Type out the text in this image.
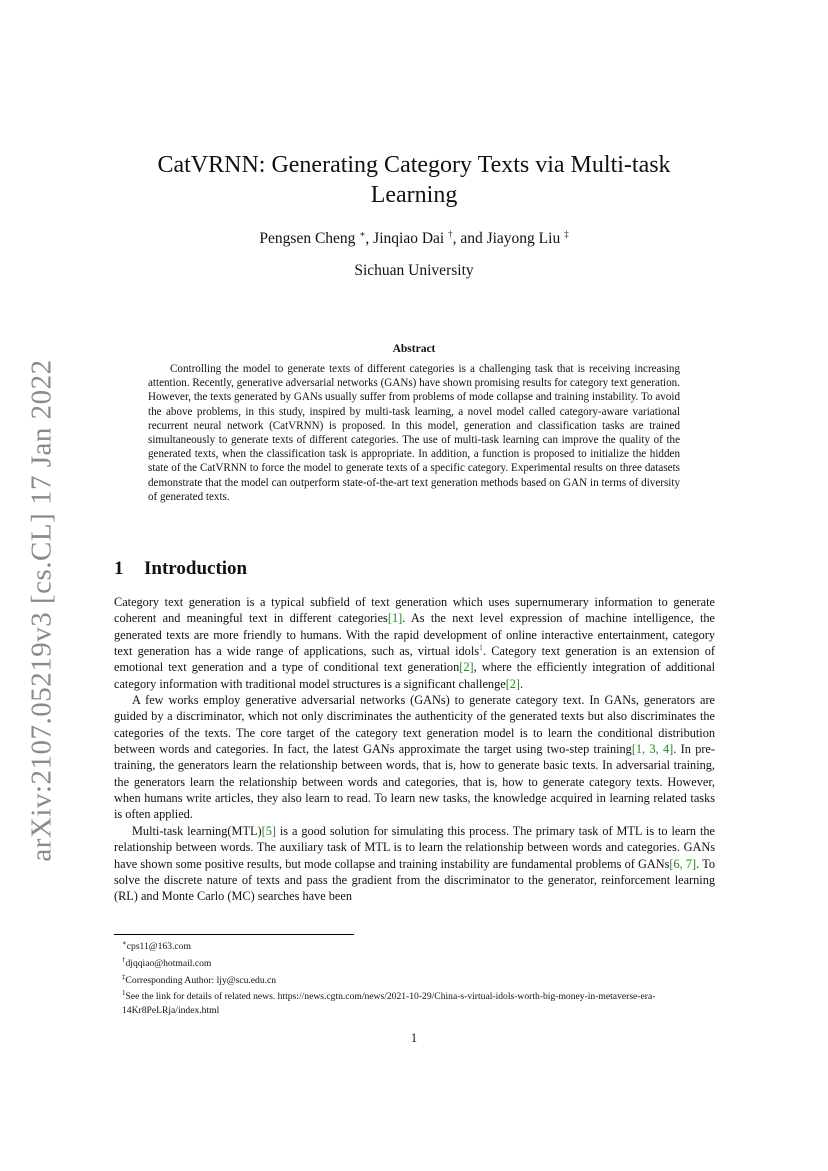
arXiv:2107.05219v3 [cs.CL] 17 Jan 2022
CatVRNN: Generating Category Texts via Multi-task Learning
Pengsen Cheng ∗, Jinqiao Dai †, and Jiayong Liu ‡
Sichuan University
Abstract

Controlling the model to generate texts of different categories is a challenging task that is receiving increasing attention. Recently, generative adversarial networks (GANs) have shown promising results for category text generation. However, the texts generated by GANs usually suffer from problems of mode collapse and training instability. To avoid the above problems, in this study, inspired by multi-task learning, a novel model called category-aware variational recurrent neural network (CatVRNN) is proposed. In this model, generation and classification tasks are trained simultaneously to generate texts of different categories. The use of multi-task learning can improve the quality of the generated texts, when the classification task is appropriate. In addition, a function is proposed to initialize the hidden state of the CatVRNN to force the model to generate texts of a specific category. Experimental results on three datasets demonstrate that the model can outperform state-of-the-art text generation methods based on GAN in terms of diversity of generated texts.

1 Introduction

Category text generation is a typical subfield of text generation which uses supernumerary information to generate coherent and meaningful text in different categories[1]. As the next level expression of machine intelligence, the generated texts are more friendly to humans. With the rapid development of online interactive entertainment, category text generation has a wide range of applications, such as, virtual idols$^1$. Category text generation is an extension of emotional text generation and a type of conditional text generation[2], where the efficiently integration of additional category information with traditional model structures is a significant challenge[2].

A few works employ generative adversarial networks (GANs) to generate category text. In GANs, generators are guided by a discriminator, which not only discriminates the authenticity of the generated texts but also discriminates the categories of the texts. The core target of the category text generation model is to learn the conditional distribution between words and categories. In fact, the latest GANs approximate the target using two-step training[1, 3, 4]. In pre-training, the generators learn the relationship between words, that is, how to generate basic texts. In adversarial training, the generators learn the relationship between words and categories, that is, how to generate category texts. However, when humans write articles, they also learn to read. To learn new tasks, the knowledge acquired in learning related tasks is often applied.

Multi-task learning(MTL)[5] is a good solution for simulating this process. The primary task of MTL is to learn the relationship between words. The auxiliary task of MTL is to learn the relationship between words and categories. GANs have shown some positive results, but mode collapse and training instability are fundamental problems of GANs[6, 7]. To solve the discrete nature of texts and pass the gradient from the discriminator to the generator, reinforcement learning (RL) and Monte Carlo (MC) searches have been

∗cps11@163.com
†djqqiao@hotmail.com
‡Corresponding Author: ljy@scu.edu.cn
$^1$See the link for details of related news. https://news.cgtn.com/news/2021-10-29/China-s-virtual-idols-worth-big-money-in-metaverse-era-14Kr8PeLRja/index.html
1
